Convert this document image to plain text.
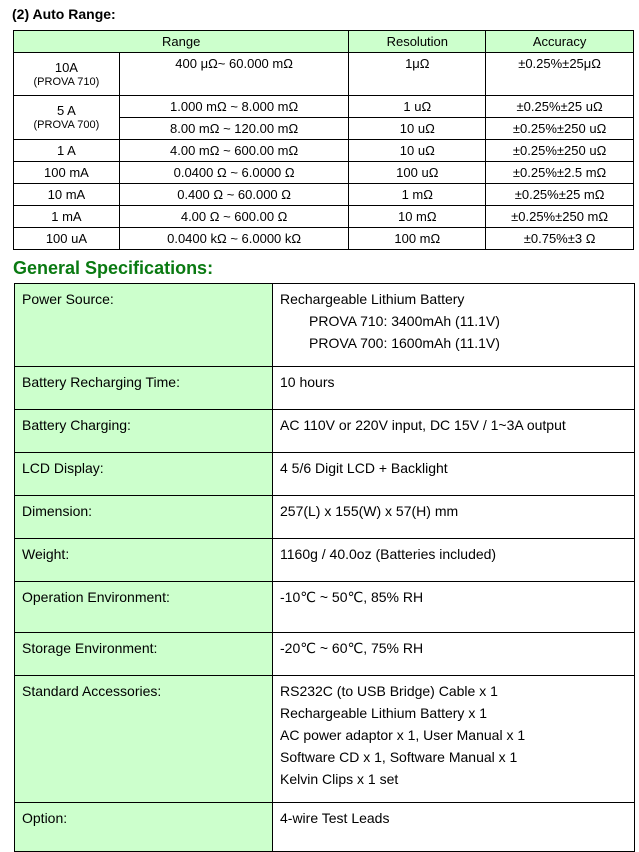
(2) Auto Range:
Range		Resolution	Accuracy
10A
(PROVA 710)	400 μΩ~ 60.000 mΩ	1μΩ	±0.25%±25μΩ
5 A
(PROVA 700)	1.000 mΩ ~ 8.000 mΩ	1 uΩ	±0.25%±25 uΩ
	8.00 mΩ ~ 120.00 mΩ	10 uΩ	±0.25%±250 uΩ
1 A	4.00 mΩ ~ 600.00 mΩ	10 uΩ	±0.25%±250 uΩ
100 mA	0.0400 Ω ~ 6.0000 Ω	100 uΩ	±0.25%±2.5 mΩ
10 mA	0.400 Ω ~ 60.000 Ω	1 mΩ	±0.25%±25 mΩ
1 mA	4.00 Ω ~ 600.00 Ω	10 mΩ	±0.25%±250 mΩ
100 uA	0.0400 kΩ ~ 6.0000 kΩ	100 mΩ	±0.75%±3 Ω
General Specifications:
Power Source:	Rechargeable Lithium Battery
PROVA 710: 3400mAh (11.1V)
PROVA 700: 1600mAh (11.1V)

Battery Recharging Time:	10 hours
Battery Charging:	AC 110V or 220V input, DC 15V / 1~3A output
LCD Display:	4 5/6 Digit LCD + Backlight
Dimension:	257(L) x 155(W) x 57(H) mm
Weight:	1160g / 40.0oz (Batteries included)
Operation Environment:	-10℃ ~ 50℃, 85% RH
Storage Environment:	-20℃ ~ 60℃, 75% RH
Standard Accessories:	RS232C (to USB Bridge) Cable x 1
Rechargeable Lithium Battery x 1
AC power adaptor x 1, User Manual x 1
Software CD x 1, Software Manual x 1
Kelvin Clips x 1 set

Option:	4-wire Test Leads
